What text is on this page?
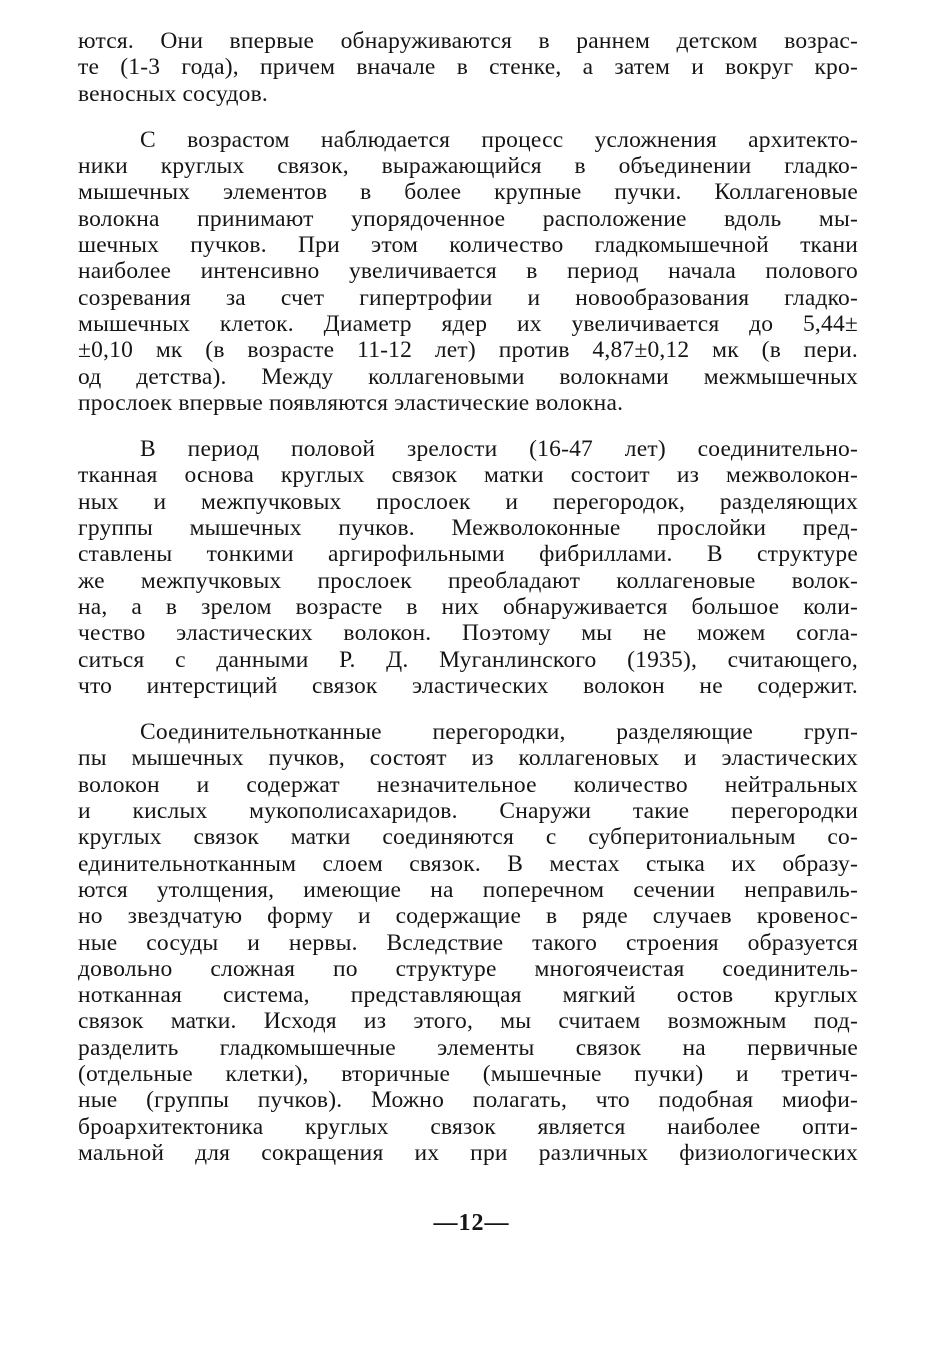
ются. Они впервые обнаруживаются в раннем детском возрас-
те (1-3 года), причем вначале в стенке, а затем и вокруг кро-
веносных сосудов.

С возрастом наблюдается процесс усложнения архитекто-
ники круглых связок, выражающийся в объединении гладко-
мышечных элементов в более крупные пучки. Коллагеновые
волокна принимают упорядоченное расположение вдоль мы-
шечных пучков. При этом количество гладкомышечной ткани
наиболее интенсивно увеличивается в период начала полового
созревания за счет гипертрофии и новообразования гладко-
мышечных клеток. Диаметр ядер их увеличивается до 5,44±
±0,10 мк (в возрасте 11-12 лет) против 4,87±0,12 мк (в пери.
од детства). Между коллагеновыми волокнами межмышечных
прослоек впервые появляются эластические волокна.

В период половой зрелости (16-47 лет) соединительно-
тканная основа круглых связок матки состоит из межволокон-
ных и межпучковых прослоек и перегородок, разделяющих
группы мышечных пучков. Межволоконные прослойки пред-
ставлены тонкими аргирофильными фибриллами. В структуре
же межпучковых прослоек преобладают коллагеновые волок-
на, а в зрелом возрасте в них обнаруживается большое коли-
чество эластических волокон. Поэтому мы не можем согла-
ситься с данными Р. Д. Муганлинского (1935), считающего,
что интерстиций связок эластических волокон не содержит.

Соединительнотканные перегородки, разделяющие груп-
пы мышечных пучков, состоят из коллагеновых и эластических
волокон и содержат незначительное количество нейтральных
и кислых мукополисахаридов. Снаружи такие перегородки
круглых связок матки соединяются с субперитониальным со-
единительнотканным слоем связок. В местах стыка их образу-
ются утолщения, имеющие на поперечном сечении неправиль-
но звездчатую форму и содержащие в ряде случаев кровенос-
ные сосуды и нервы. Вследствие такого строения образуется
довольно сложная по структуре многоячеистая соединитель-
нотканная система, представляющая мягкий остов круглых
связок матки. Исходя из этого, мы считаем возможным под-
разделить гладкомышечные элементы связок на первичные
(отдельные клетки), вторичные (мышечные пучки) и третич-
ные (группы пучков). Можно полагать, что подобная миофи-
броархитектоника круглых связок является наиболее опти-
мальной для сокращения их при различных физиологических

—12—
